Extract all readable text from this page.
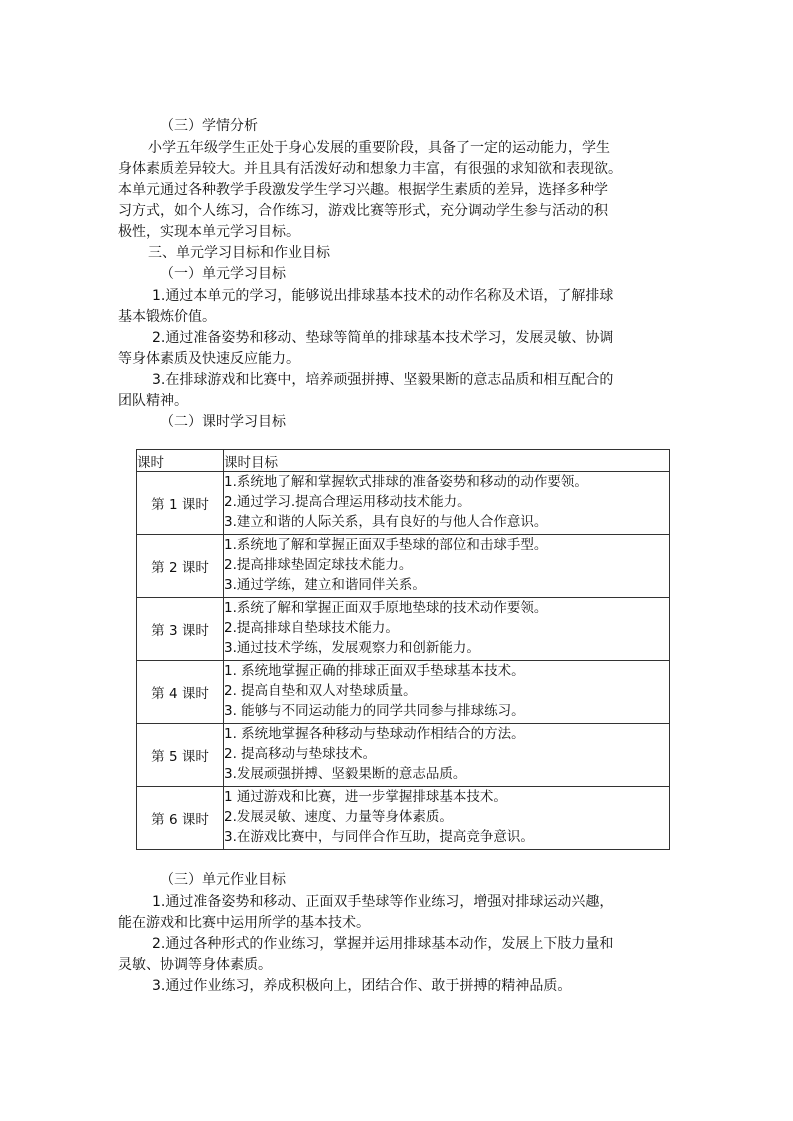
（三）学情分析
小学五年级学生正处于身心发展的重要阶段，具备了一定的运动能力，学生
身体素质差异较大。并且具有活泼好动和想象力丰富，有很强的求知欲和表现欲。
本单元通过各种教学手段激发学生学习兴趣。根据学生素质的差异，选择多种学
习方式，如个人练习，合作练习，游戏比赛等形式，充分调动学生参与活动的积
极性，实现本单元学习目标。
三、单元学习目标和作业目标
（一）单元学习目标
1.通过本单元的学习，能够说出排球基本技术的动作名称及术语，了解排球
基本锻炼价值。
2.通过准备姿势和移动、垫球等简单的排球基本技术学习，发展灵敏、协调
等身体素质及快速反应能力。
3.在排球游戏和比赛中，培养顽强拼搏、坚毅果断的意志品质和相互配合的
团队精神。
（二）课时学习目标
课时	课时目标
第 1 课时	1.系统地了解和掌握软式排球的准备姿势和移动的动作要领。
2.通过学习.提高合理运用移动技术能力。
3.建立和谐的人际关系，具有良好的与他人合作意识。

第 2 课时	1.系统地了解和掌握正面双手垫球的部位和击球手型。
2.提高排球垫固定球技术能力。
3.通过学练，建立和谐同伴关系。

第 3 课时	1.系统了解和掌握正面双手原地垫球的技术动作要领。
2.提高排球自垫球技术能力。
3.通过技术学练，发展观察力和创新能力。

第 4 课时	1. 系统地掌握正确的排球正面双手垫球基本技术。
2. 提高自垫和双人对垫球质量。
3. 能够与不同运动能力的同学共同参与排球练习。

第 5 课时	1. 系统地掌握各种移动与垫球动作相结合的方法。
2. 提高移动与垫球技术。
3.发展顽强拼搏、坚毅果断的意志品质。

第 6 课时	1 通过游戏和比赛，进一步掌握排球基本技术。
2.发展灵敏、速度、力量等身体素质。
3.在游戏比赛中，与同伴合作互助，提高竞争意识。
（三）单元作业目标
1.通过准备姿势和移动、正面双手垫球等作业练习，增强对排球运动兴趣，
能在游戏和比赛中运用所学的基本技术。
2.通过各种形式的作业练习，掌握并运用排球基本动作，发展上下肢力量和
灵敏、协调等身体素质。
3.通过作业练习，养成积极向上，团结合作、敢于拼搏的精神品质。
